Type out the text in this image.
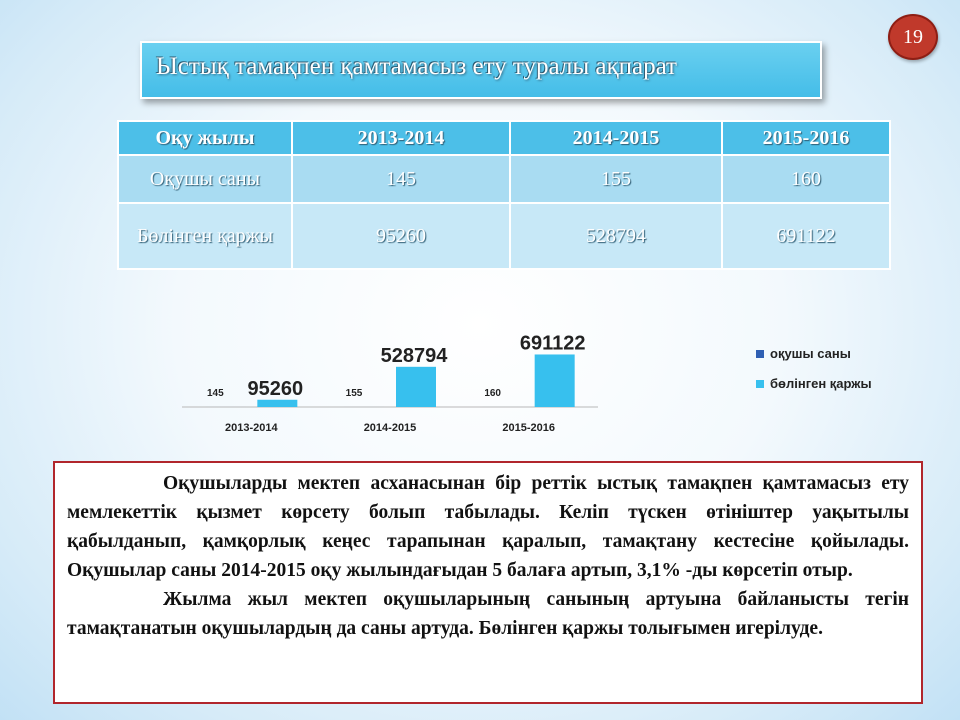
19
Ыстық тамақпен қамтамасыз ету туралы ақпарат
Оқу жылы	2013-2014	2014-2015	2015-2016
Оқушы саны	145	155	160
Бөлінген қаржы	95260	528794	691122
145 95260
2013-2014
155
528794
2014-2015
160
691122
2015-2016
оқушы саны
бөлінген қаржы

Оқушыларды мектеп асханасынан бір реттік ыстық тамақпен қамтамасыз ету мемлекеттік қызмет көрсету болып табылады. Келіп түскен өтініштер уақытылы қабылданып, қамқорлық кеңес тарапынан қаралып, тамақтану кестесіне қойылады. Оқушылар саны 2014-2015 оқу жылындағыдан 5 балаға артып, 3,1% -ды көрсетіп отыр.

Жылма жыл мектеп оқушыларының санының артуына байланысты тегін тамақтанатын оқушылардың да саны артуда. Бөлінген қаржы толығымен игерілуде.
